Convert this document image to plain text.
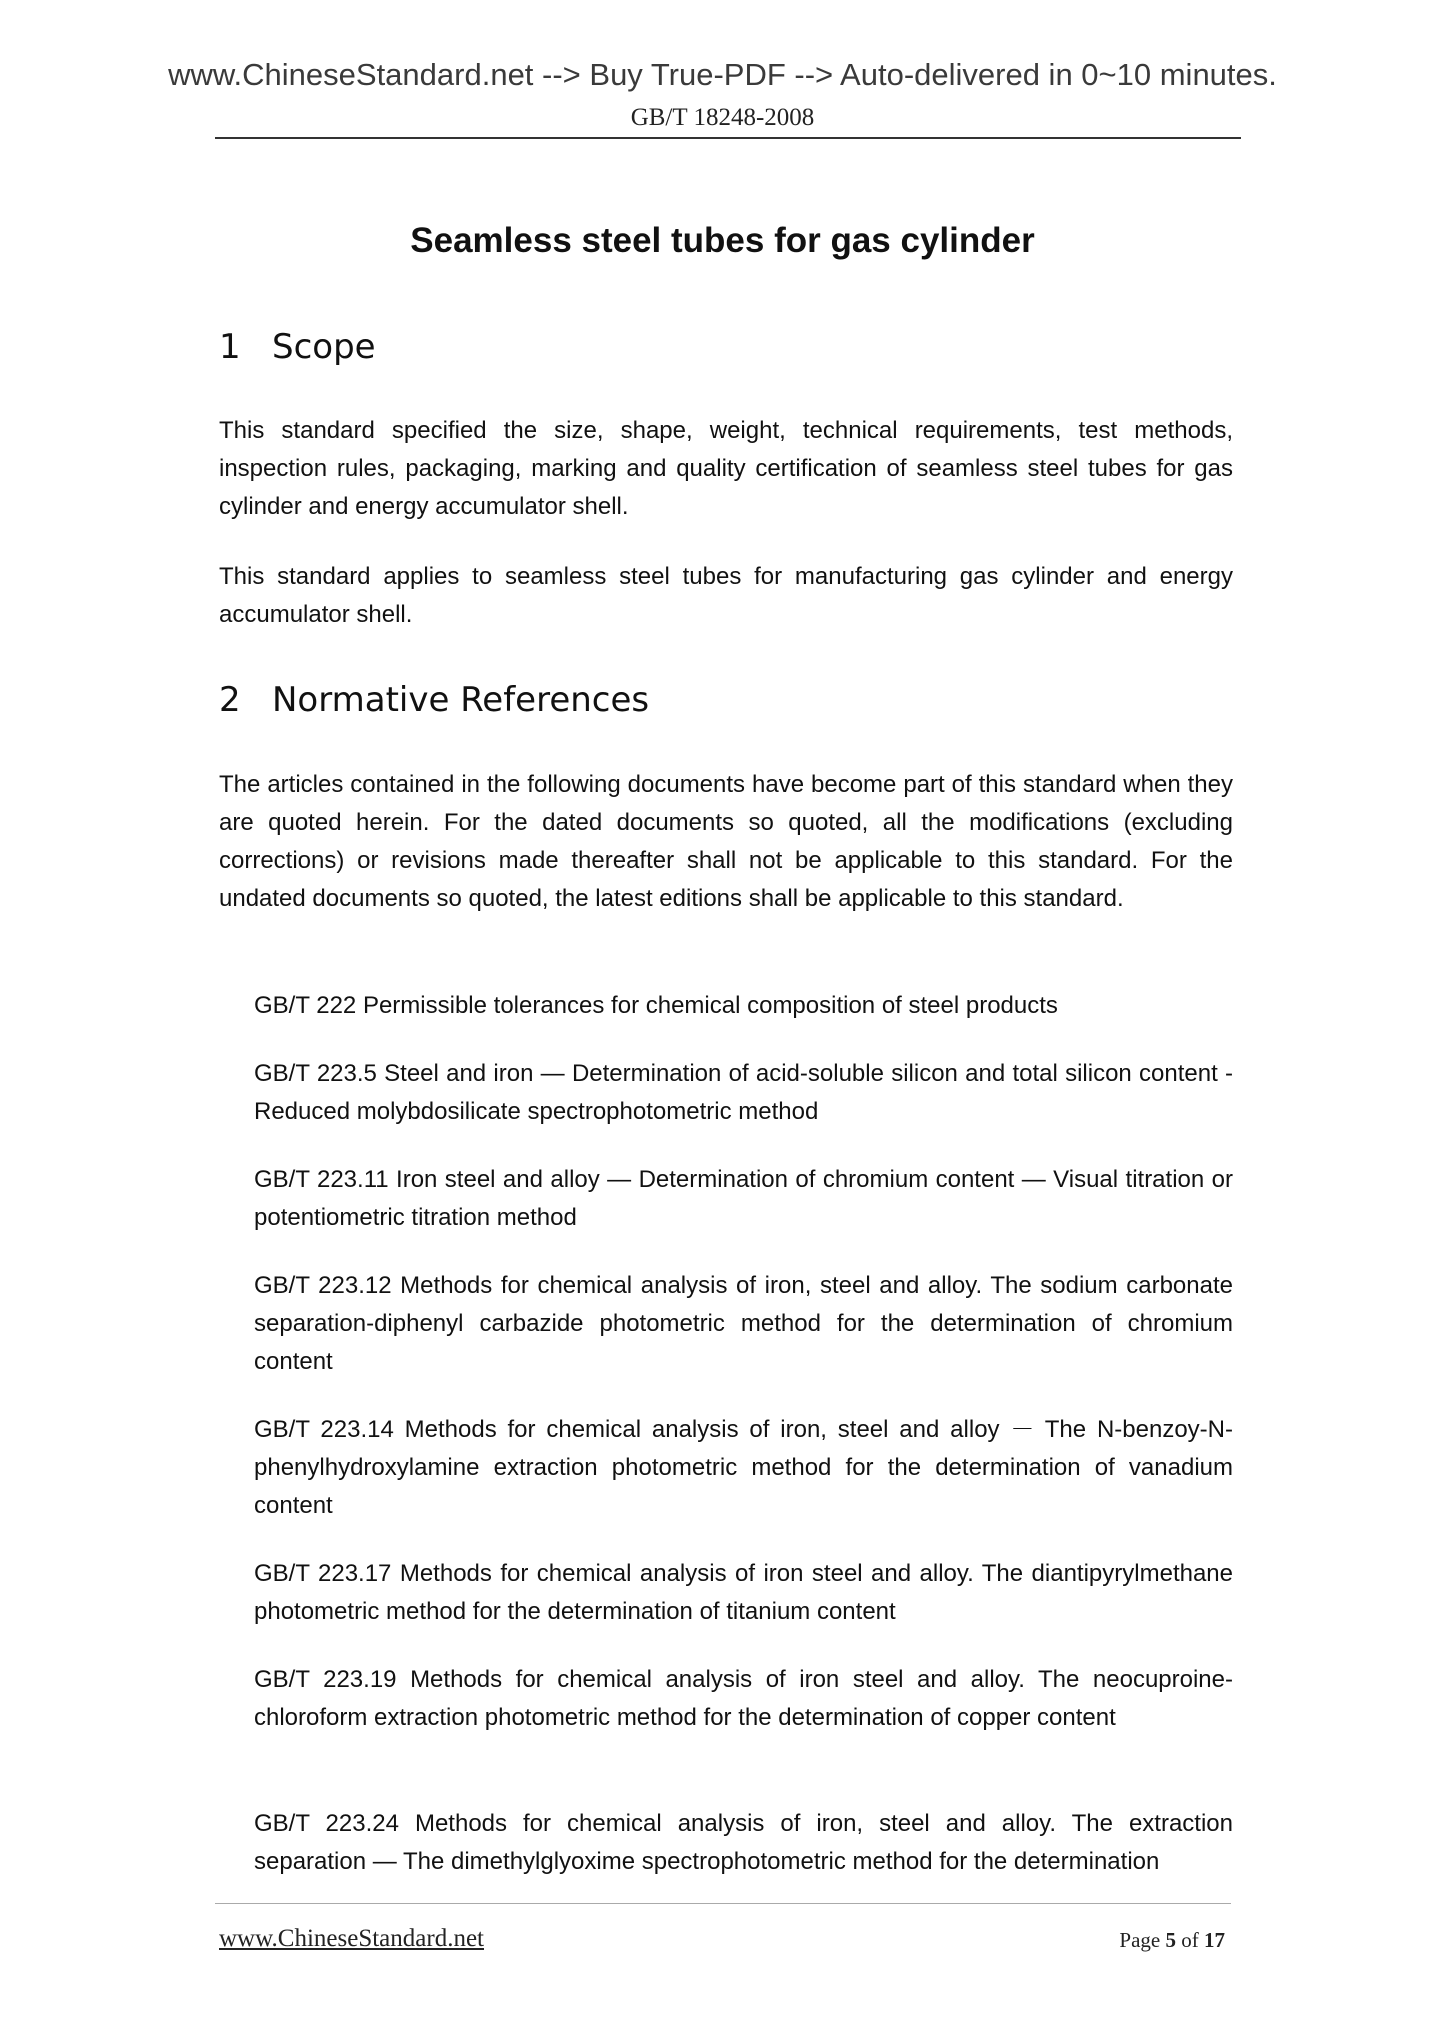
www.ChineseStandard.net --> Buy True-PDF --> Auto-delivered in 0~10 minutes.
GB/T 18248-2008
Seamless steel tubes for gas cylinder
1 Scope

This standard specified the size, shape, weight, technical requirements, test methods, inspection rules, packaging, marking and quality certification of seamless steel tubes for gas cylinder and energy accumulator shell.

This standard applies to seamless steel tubes for manufacturing gas cylinder and energy accumulator shell.

2 Normative References

The articles contained in the following documents have become part of this standard when they are quoted herein. For the dated documents so quoted, all the modifications (excluding corrections) or revisions made thereafter shall not be applicable to this standard. For the undated documents so quoted, the latest editions shall be applicable to this standard.

GB/T 222 Permissible tolerances for chemical composition of steel products

GB/T 223.5 Steel and iron — Determination of acid-soluble silicon and total silicon content - Reduced molybdosilicate spectrophotometric method

GB/T 223.11 Iron steel and alloy — Determination of chromium content — Visual titration or potentiometric titration method

GB/T 223.12 Methods for chemical analysis of iron, steel and alloy. The sodium carbonate separation-diphenyl carbazide photometric method for the determination of chromium content

GB/T 223.14 Methods for chemical analysis of iron, steel and alloy － The N-benzoy-N-phenylhydroxylamine extraction photometric method for the determination of vanadium content

GB/T 223.17 Methods for chemical analysis of iron steel and alloy. The diantipyrylmethane photometric method for the determination of titanium content

GB/T 223.19 Methods for chemical analysis of iron steel and alloy. The neocuproine-chloroform extraction photometric method for the determination of copper content

GB/T 223.24 Methods for chemical analysis of iron, steel and alloy. The extraction separation — The dimethylglyoxime spectrophotometric method for the determination

www.ChineseStandard.net	Page 5 of 17
